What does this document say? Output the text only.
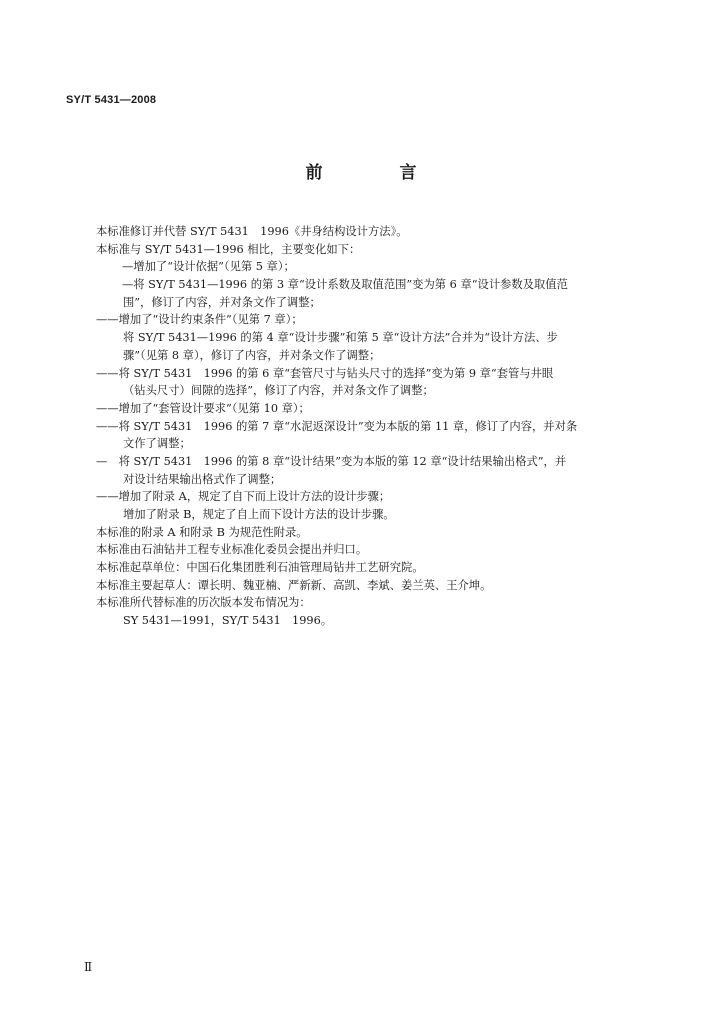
SY/T 5431—2008
前　言
本标准修订并代替 SY/T 5431　1996《井身结构设计方法》。
本标准与 SY/T 5431—1996 相比，主要变化如下：
—增加了“设计依据”（见第 5 章）；
—将 SY/T 5431—1996 的第 3 章“设计系数及取值范围”变为第 6 章“设计参数及取值范
围”，修订了内容，并对条文作了调整；
——增加了“设计约束条件”（见第 7 章）；
将 SY/T 5431—1996 的第 4 章“设计步骤”和第 5 章“设计方法”合并为“设计方法、步
骤”（见第 8 章），修订了内容，并对条文作了调整；
——将 SY/T 5431　1996 的第 6 章“套管尺寸与钻头尺寸的选择”变为第 9 章“套管与井眼
（钻头尺寸）间隙的选择”，修订了内容，并对条文作了调整；
——增加了“套管设计要求”（见第 10 章）；
——将 SY/T 5431　1996 的第 7 章“水泥返深设计”变为本版的第 11 章，修订了内容，并对条
文作了调整；
—　将 SY/T 5431　1996 的第 8 章“设计结果”变为本版的第 12 章“设计结果输出格式”，并
对设计结果输出格式作了调整；
——增加了附录 A，规定了自下而上设计方法的设计步骤；
增加了附录 B，规定了自上而下设计方法的设计步骤。
本标准的附录 A 和附录 B 为规范性附录。
本标准由石油钻井工程专业标准化委员会提出并归口。
本标准起草单位：中国石化集团胜利石油管理局钻井工艺研究院。
本标准主要起草人：谭长明、魏亚楠、严新新、高凯、李斌、姜兰英、王介坤。
本标准所代替标准的历次版本发布情况为：
SY 5431—1991，SY/T 5431　1996。
Ⅱ
